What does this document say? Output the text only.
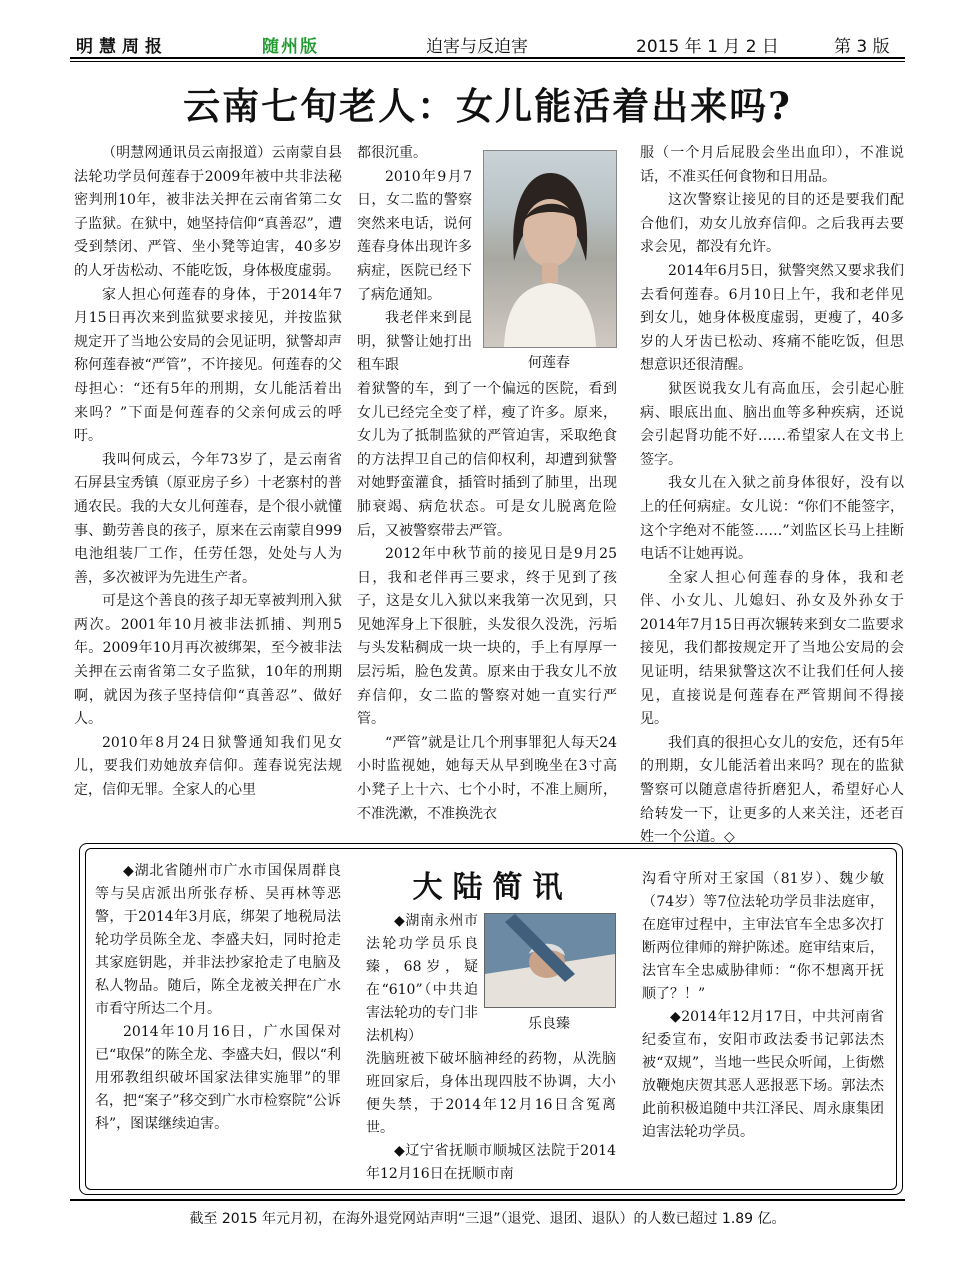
明慧周报	随州版	迫害与反迫害	2015 年 1 月 2 日	第 3 版
云南七旬老人：女儿能活着出来吗?

（明慧网通讯员云南报道）云南蒙自县法轮功学员何莲春于2009年被中共非法秘密判刑10年，被非法关押在云南省第二女子监狱。在狱中，她坚持信仰“真善忍”，遭受到禁闭、严管、坐小凳等迫害，40多岁的人牙齿松动、不能吃饭，身体极度虚弱。

家人担心何莲春的身体，于2014年7月15日再次来到监狱要求接见，并按监狱规定开了当地公安局的会见证明，狱警却声称何莲春被“严管”，不许接见。何莲春的父母担心：“还有5年的刑期，女儿能活着出来吗？”下面是何莲春的父亲何成云的呼吁。

我叫何成云，今年73岁了，是云南省石屏县宝秀镇（原亚房子乡）十老寨村的普通农民。我的大女儿何莲春，是个很小就懂事、勤劳善良的孩子，原来在云南蒙自999电池组装厂工作，任劳任怨，处处与人为善，多次被评为先进生产者。

可是这个善良的孩子却无辜被判刑入狱两次。2001年10月被非法抓捕、判刑5年。2009年10月再次被绑架，至今被非法关押在云南省第二女子监狱，10年的刑期啊，就因为孩子坚持信仰“真善忍”、做好人。

2010年8月24日狱警通知我们见女儿，要我们劝她放弃信仰。莲春说宪法规定，信仰无罪。全家人的心里

都很沉重。

2010年9月7日，女二监的警察突然来电话，说何莲春身体出现许多病症，医院已经下了病危通知。

我老伴来到昆明，狱警让她打出租车跟

着狱警的车，到了一个偏远的医院，看到女儿已经完全变了样，瘦了许多。原来，女儿为了抵制监狱的严管迫害，采取绝食的方法捍卫自己的信仰权利，却遭到狱警对她野蛮灌食，插管时插到了肺里，出现肺衰竭、病危状态。可是女儿脱离危险后，又被警察带去严管。

2012年中秋节前的接见日是9月25日，我和老伴再三要求，终于见到了孩子，这是女儿入狱以来我第一次见到，只见她浑身上下很脏，头发很久没洗，污垢与头发粘稠成一块一块的，手上有厚厚一层污垢，脸色发黄。原来由于我女儿不放弃信仰，女二监的警察对她一直实行严管。

“严管”就是让几个刑事罪犯人每天24小时监视她，她每天从早到晚坐在3寸高小凳子上十六、七个小时，不准上厕所，不准洗漱，不准换洗衣

何莲春

服（一个月后屁股会坐出血印），不准说话，不准买任何食物和日用品。

这次警察让接见的目的还是要我们配合他们，劝女儿放弃信仰。之后我再去要求会见，都没有允许。

2014年6月5日，狱警突然又要求我们去看何莲春。6月10日上午，我和老伴见到女儿，她身体极度虚弱，更瘦了，40多岁的人牙齿已松动、疼痛不能吃饭，但思想意识还很清醒。

狱医说我女儿有高血压，会引起心脏病、眼底出血、脑出血等多种疾病，还说会引起肾功能不好……希望家人在文书上签字。

我女儿在入狱之前身体很好，没有以上的任何病症。女儿说：“你们不能签字，这个字绝对不能签……”刘监区长马上挂断电话不让她再说。

全家人担心何莲春的身体，我和老伴、小女儿、儿媳妇、孙女及外孙女于2014年7月15日再次辗转来到女二监要求接见，我们都按规定开了当地公安局的会见证明，结果狱警这次不让我们任何人接见，直接说是何莲春在严管期间不得接见。

我们真的很担心女儿的安危，还有5年的刑期，女儿能活着出来吗？现在的监狱警察可以随意虐待折磨犯人，希望好心人给转发一下，让更多的人来关注，还老百姓一个公道。◇

◆湖北省随州市广水市国保周群良等与吴店派出所张存桥、吴再林等恶警，于2014年3月底，绑架了地税局法轮功学员陈全龙、李盛夫妇，同时抢走其家庭钥匙，并非法抄家抢走了电脑及私人物品。随后，陈全龙被关押在广水市看守所达二个月。

2014年10月16日，广水国保对已“取保”的陈全龙、李盛夫妇，假以“利用邪教组织破坏国家法律实施罪”的罪名，把“案子”移交到广水市检察院“公诉科”，图谋继续迫害。

大陆简讯

◆湖南永州市法轮功学员乐良臻，68岁，疑在“610”（中共迫害法轮功的专门非法机构）

洗脑班被下破坏脑神经的药物，从洗脑班回家后，身体出现四肢不协调，大小便失禁，于2014年12月16日含冤离世。

◆辽宁省抚顺市顺城区法院于2014年12月16日在抚顺市南

乐良臻

沟看守所对王家国（81岁）、魏少敏（74岁）等7位法轮功学员非法庭审，在庭审过程中，主审法官车全忠多次打断两位律师的辩护陈述。庭审结束后，法官车全忠威胁律师：“你不想离开抚顺了？！”

◆2014年12月17日，中共河南省纪委宣布，安阳市政法委书记郭法杰被“双规”，当地一些民众听闻，上街燃放鞭炮庆贺其恶人恶报恶下场。郭法杰此前积极追随中共江泽民、周永康集团迫害法轮功学员。

截至 2015 年元月初，在海外退党网站声明“三退”（退党、退团、退队）的人数已超过 1.89 亿。
